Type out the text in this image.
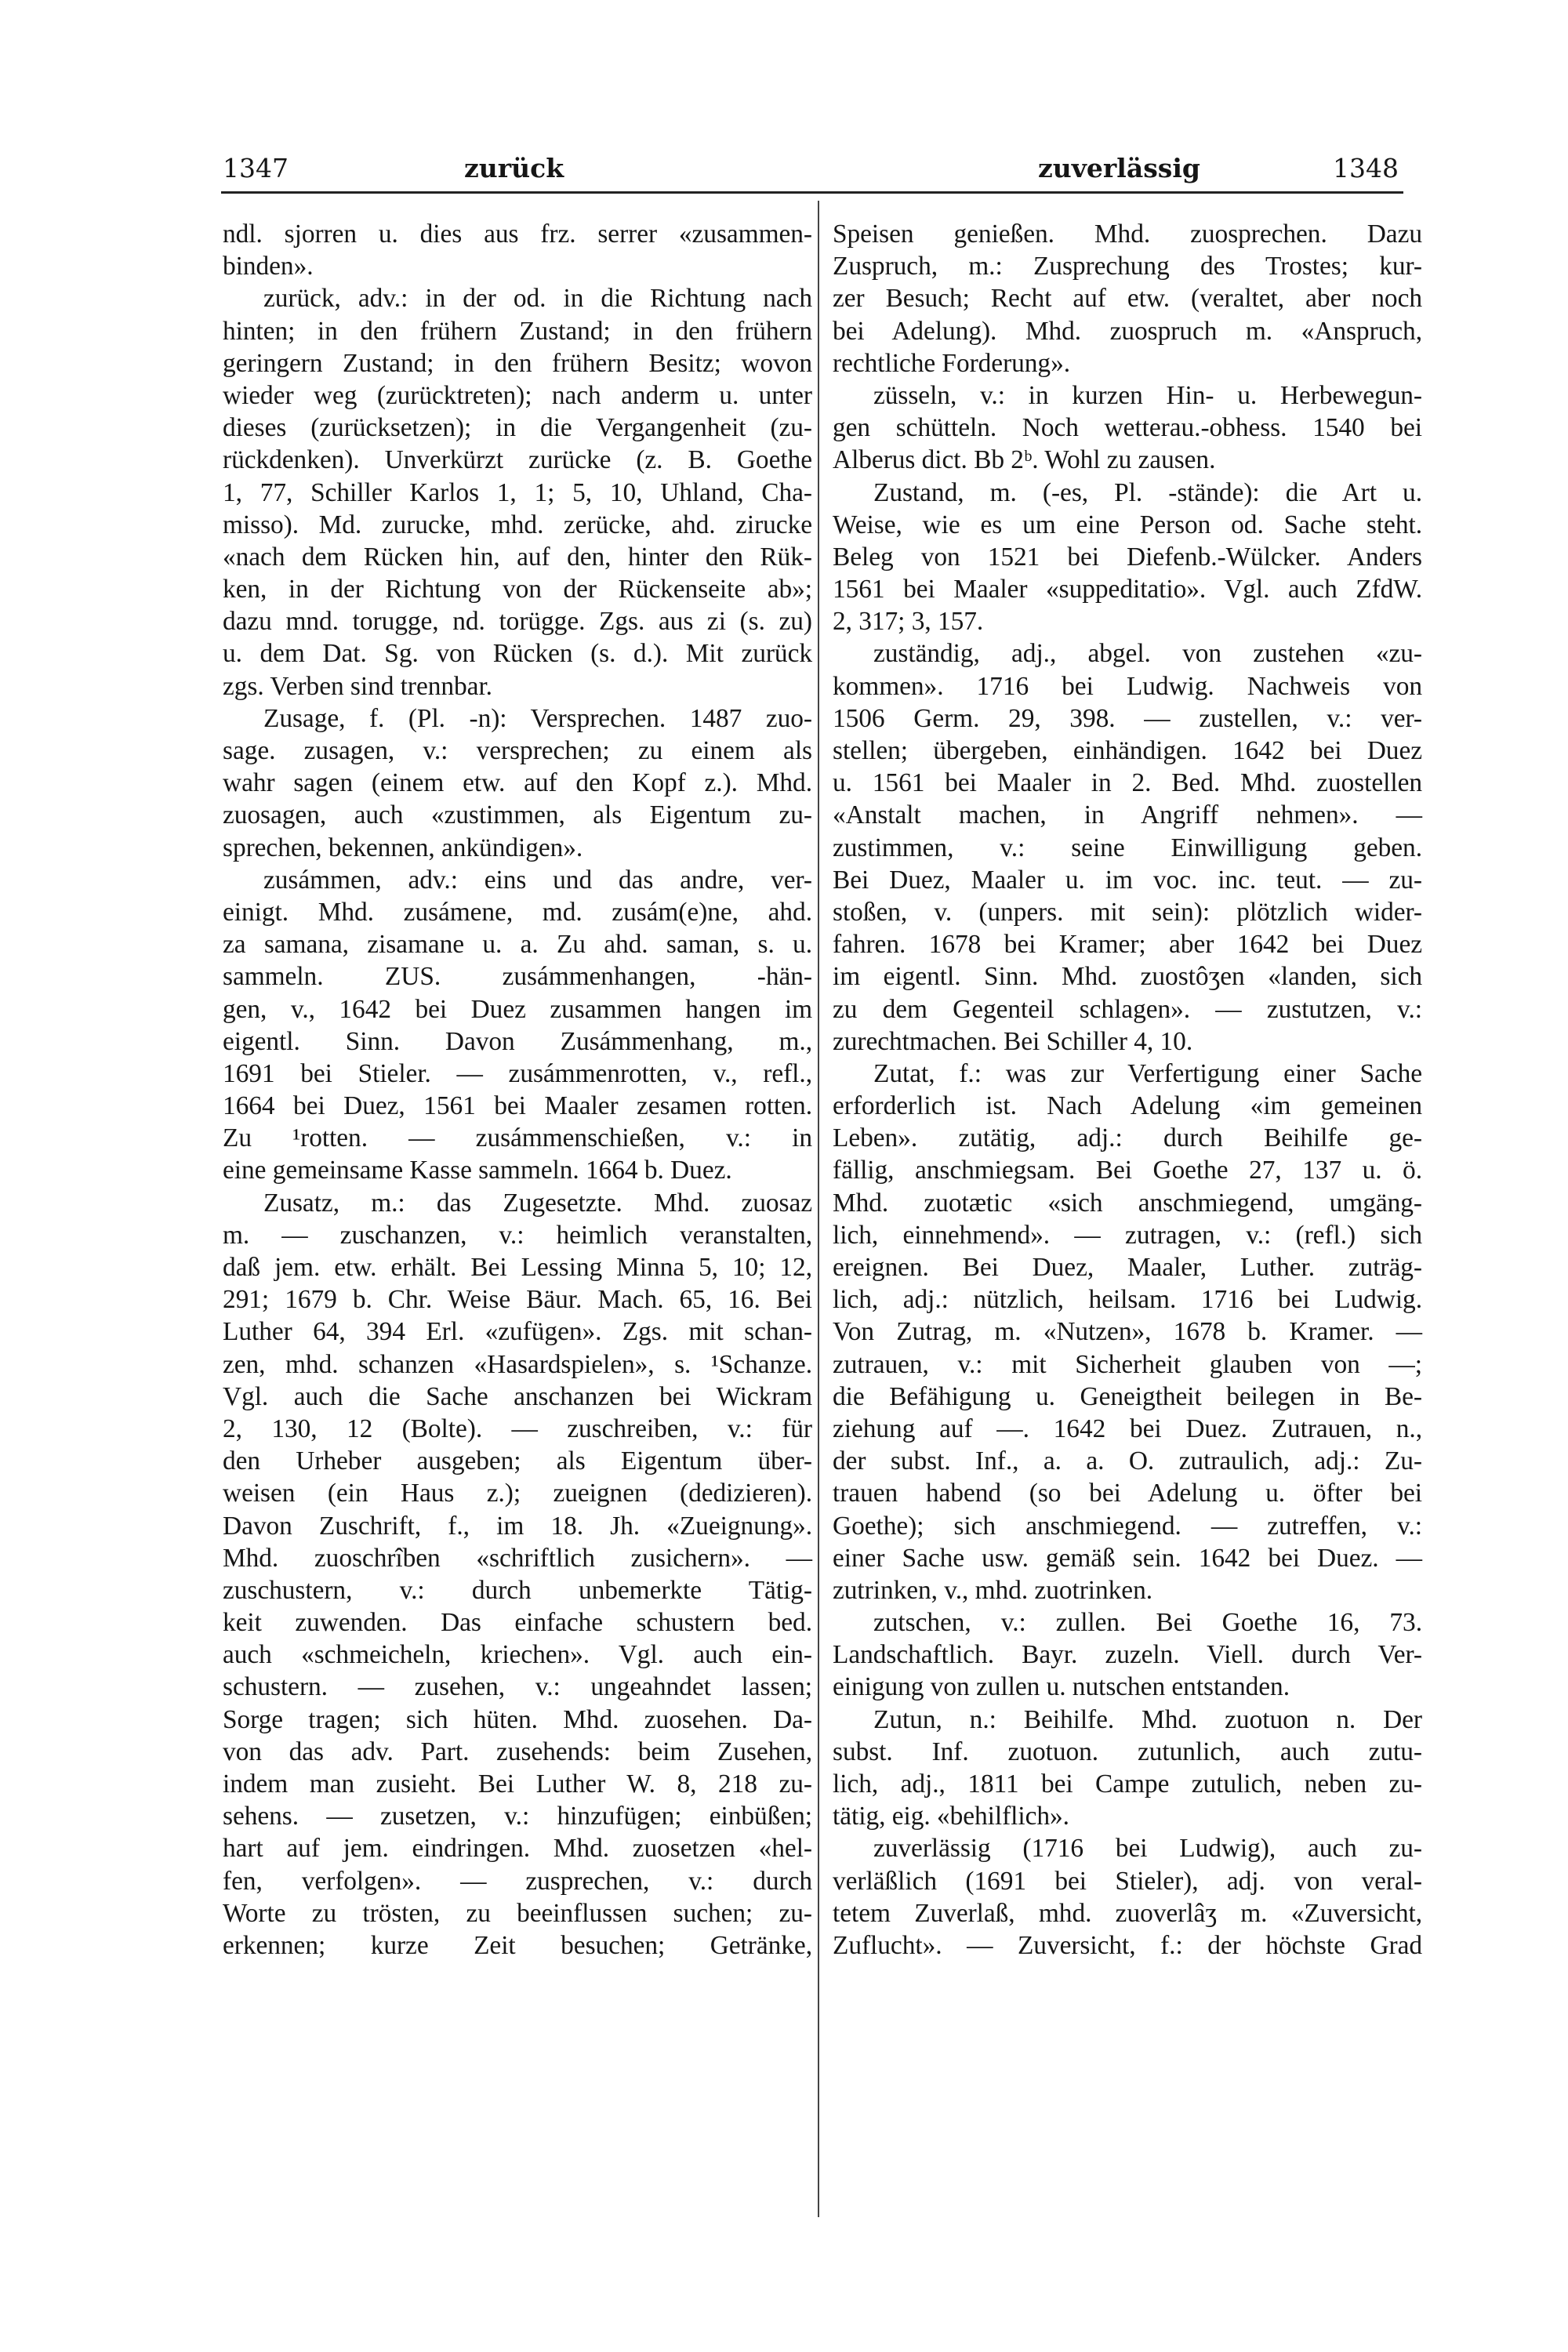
1347	zurück	zuverlässig	1348
ndl. sjorren u. dies aus frz. serrer «zusammen-
binden».
zurück, adv.: in der od. in die Richtung nach
hinten; in den frühern Zustand; in den frühern
geringern Zustand; in den frühern Besitz; wovon
wieder weg (zurücktreten); nach anderm u. unter
dieses (zurücksetzen); in die Vergangenheit (zu-
rückdenken). Unverkürzt zurücke (z. B. Goethe
1, 77, Schiller Karlos 1, 1; 5, 10, Uhland, Cha-
misso). Md. zurucke, mhd. zerücke, ahd. zirucke
«nach dem Rücken hin, auf den, hinter den Rük-
ken, in der Richtung von der Rückenseite ab»;
dazu mnd. torugge, nd. torügge. Zgs. aus zi (s. zu)
u. dem Dat. Sg. von Rücken (s. d.). Mit zurück
zgs. Verben sind trennbar.
Zusage, f. (Pl. -n): Versprechen. 1487 zuo-
sage. zusagen, v.: versprechen; zu einem als
wahr sagen (einem etw. auf den Kopf z.). Mhd.
zuosagen, auch «zustimmen, als Eigentum zu-
sprechen, bekennen, ankündigen».
zusámmen, adv.: eins und das andre, ver-
einigt. Mhd. zusámene, md. zusám(e)ne, ahd.
za samana, zisamane u. a. Zu ahd. saman, s. u.
sammeln. ZUS. zusámmenhangen, -hän-
gen, v., 1642 bei Duez zusammen hangen im
eigentl. Sinn. Davon Zusámmenhang, m.,
1691 bei Stieler. — zusámmenrotten, v., refl.,
1664 bei Duez, 1561 bei Maaler zesamen rotten.
Zu ¹rotten. — zusámmenschießen, v.: in
eine gemeinsame Kasse sammeln. 1664 b. Duez.
Zusatz, m.: das Zugesetzte. Mhd. zuosaz
m. — zuschanzen, v.: heimlich veranstalten,
daß jem. etw. erhält. Bei Lessing Minna 5, 10; 12,
291; 1679 b. Chr. Weise Bäur. Mach. 65, 16. Bei
Luther 64, 394 Erl. «zufügen». Zgs. mit schan-
zen, mhd. schanzen «Hasardspielen», s. ¹Schanze.
Vgl. auch die Sache anschanzen bei Wickram
2, 130, 12 (Bolte). — zuschreiben, v.: für
den Urheber ausgeben; als Eigentum über-
weisen (ein Haus z.); zueignen (dedizieren).
Davon Zuschrift, f., im 18. Jh. «Zueignung».
Mhd. zuoschrîben «schriftlich zusichern». —
zuschustern, v.: durch unbemerkte Tätig-
keit zuwenden. Das einfache schustern bed.
auch «schmeicheln, kriechen». Vgl. auch ein-
schustern. — zusehen, v.: ungeahndet lassen;
Sorge tragen; sich hüten. Mhd. zuosehen. Da-
von das adv. Part. zusehends: beim Zusehen,
indem man zusieht. Bei Luther W. 8, 218 zu-
sehens. — zusetzen, v.: hinzufügen; einbüßen;
hart auf jem. eindringen. Mhd. zuosetzen «hel-
fen, verfolgen». — zusprechen, v.: durch
Worte zu trösten, zu beeinflussen suchen; zu-
erkennen; kurze Zeit besuchen; Getränke,
Speisen genießen. Mhd. zuosprechen. Dazu
Zuspruch, m.: Zusprechung des Trostes; kur-
zer Besuch; Recht auf etw. (veraltet, aber noch
bei Adelung). Mhd. zuospruch m. «Anspruch,
rechtliche Forderung».
züsseln, v.: in kurzen Hin- u. Herbewegun-
gen schütteln. Noch wetterau.-obhess. 1540 bei
Alberus dict. Bb 2ᵇ. Wohl zu zausen.
Zustand, m. (-es, Pl. -stände): die Art u.
Weise, wie es um eine Person od. Sache steht.
Beleg von 1521 bei Diefenb.-Wülcker. Anders
1561 bei Maaler «suppeditatio». Vgl. auch ZfdW.
2, 317; 3, 157.
zuständig, adj., abgel. von zustehen «zu-
kommen». 1716 bei Ludwig. Nachweis von
1506 Germ. 29, 398. — zustellen, v.: ver-
stellen; übergeben, einhändigen. 1642 bei Duez
u. 1561 bei Maaler in 2. Bed. Mhd. zuostellen
«Anstalt machen, in Angriff nehmen». —
zustimmen, v.: seine Einwilligung geben.
Bei Duez, Maaler u. im voc. inc. teut. — zu-
stoßen, v. (unpers. mit sein): plötzlich wider-
fahren. 1678 bei Kramer; aber 1642 bei Duez
im eigentl. Sinn. Mhd. zuostôʒen «landen, sich
zu dem Gegenteil schlagen». — zustutzen, v.:
zurechtmachen. Bei Schiller 4, 10.
Zutat, f.: was zur Verfertigung einer Sache
erforderlich ist. Nach Adelung «im gemeinen
Leben». zutätig, adj.: durch Beihilfe ge-
fällig, anschmiegsam. Bei Goethe 27, 137 u. ö.
Mhd. zuotætic «sich anschmiegend, umgäng-
lich, einnehmend». — zutragen, v.: (refl.) sich
ereignen. Bei Duez, Maaler, Luther. zuträg-
lich, adj.: nützlich, heilsam. 1716 bei Ludwig.
Von Zutrag, m. «Nutzen», 1678 b. Kramer. —
zutrauen, v.: mit Sicherheit glauben von —;
die Befähigung u. Geneigtheit beilegen in Be-
ziehung auf —. 1642 bei Duez. Zutrauen, n.,
der subst. Inf., a. a. O. zutraulich, adj.: Zu-
trauen habend (so bei Adelung u. öfter bei
Goethe); sich anschmiegend. — zutreffen, v.:
einer Sache usw. gemäß sein. 1642 bei Duez. —
zutrinken, v., mhd. zuotrinken.
zutschen, v.: zullen. Bei Goethe 16, 73.
Landschaftlich. Bayr. zuzeln. Viell. durch Ver-
einigung von zullen u. nutschen entstanden.
Zutun, n.: Beihilfe. Mhd. zuotuon n. Der
subst. Inf. zuotuon. zutunlich, auch zutu-
lich, adj., 1811 bei Campe zutulich, neben zu-
tätig, eig. «behilflich».
zuverlässig (1716 bei Ludwig), auch zu-
verläßlich (1691 bei Stieler), adj. von veral-
tetem Zuverlaß, mhd. zuoverlâʒ m. «Zuversicht,
Zuflucht». — Zuversicht, f.: der höchste Grad
